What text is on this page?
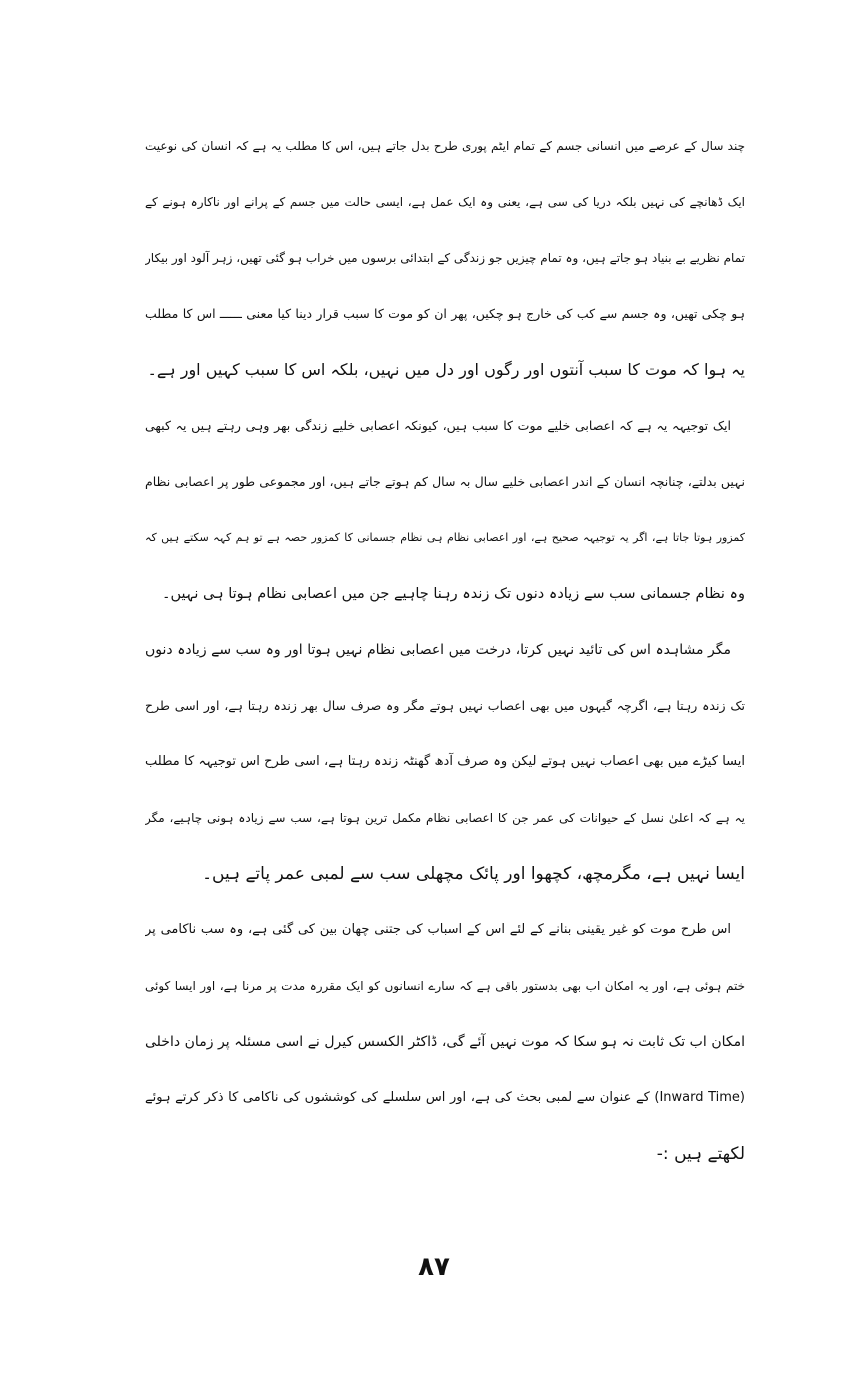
چند سال کے عرصے میں انسانی جسم کے تمام ایٹم پوری طرح بدل جاتے ہیں، اس کا مطلب یہ ہے کہ انسان کی نوعیت
ایک ڈھانچے کی نہیں بلکہ دریا کی سی ہے، یعنی وہ ایک عمل ہے، ایسی حالت میں جسم کے پرانے اور ناکارہ ہونے کے
تمام نظریے بے بنیاد ہو جاتے ہیں، وہ تمام چیزیں جو زندگی کے ابتدائی برسوں میں خراب ہو گئی تھیں، زہر آلود اور بیکار
ہو چکی تھیں، وہ جسم سے کب کی خارج ہو چکیں، پھر ان کو موت کا سبب قرار دینا کیا معنی ــــــ اس کا مطلب
یہ ہوا کہ موت کا سبب آنتوں اور رگوں اور دل میں نہیں، بلکہ اس کا سبب کہیں اور ہے۔
ایک توجیہہ یہ ہے کہ اعصابی خلیے موت کا سبب ہیں، کیونکہ اعصابی خلیے زندگی بھر وہی رہتے ہیں یہ کبھی
نہیں بدلتے، چنانچہ انسان کے اندر اعصابی خلیے سال بہ سال کم ہوتے جاتے ہیں، اور مجموعی طور پر اعصابی نظام
کمزور ہوتا جاتا ہے، اگر یہ توجیہہ صحیح ہے، اور اعصابی نظام ہی نظام جسمانی کا کمزور حصہ ہے تو ہم کہہ سکتے ہیں کہ
وہ نظام جسمانی سب سے زیادہ دنوں تک زندہ رہنا چاہیے جن میں اعصابی نظام ہوتا ہی نہیں۔
مگر مشاہدہ اس کی تائید نہیں کرتا، درخت میں اعصابی نظام نہیں ہوتا اور وہ سب سے زیادہ دنوں
تک زندہ رہتا ہے، اگرچہ گیہوں میں بھی اعصاب نہیں ہوتے مگر وہ صرف سال بھر زندہ رہتا ہے، اور اسی طرح
ایسا کیڑے میں بھی اعصاب نہیں ہوتے لیکن وہ صرف آدھ گھنٹہ زندہ رہتا ہے، اسی طرح اس توجیہہ کا مطلب
یہ ہے کہ اعلیٰ نسل کے حیوانات کی عمر جن کا اعصابی نظام مکمل ترین ہوتا ہے، سب سے زیادہ ہونی چاہیے، مگر
ایسا نہیں ہے، مگرمچھ، کچھوا اور پائک مچھلی سب سے لمبی عمر پاتے ہیں۔
اس طرح موت کو غیر یقینی بنانے کے لئے اس کے اسباب کی جتنی چھان بین کی گئی ہے، وہ سب ناکامی پر
ختم ہوئی ہے، اور یہ امکان اب بھی بدستور باقی ہے کہ سارے انسانوں کو ایک مقررہ مدت پر مرنا ہے، اور ایسا کوئی
امکان اب تک ثابت نہ ہو سکا کہ موت نہیں آئے گی، ڈاکٹر الکسس کیرل نے اسی مسئلہ پر زمان داخلی
(Inward Time) کے عنوان سے لمبی بحث کی ہے، اور اس سلسلے کی کوششوں کی ناکامی کا ذکر کرتے ہوئے
لکھتے ہیں :-
۸۷
